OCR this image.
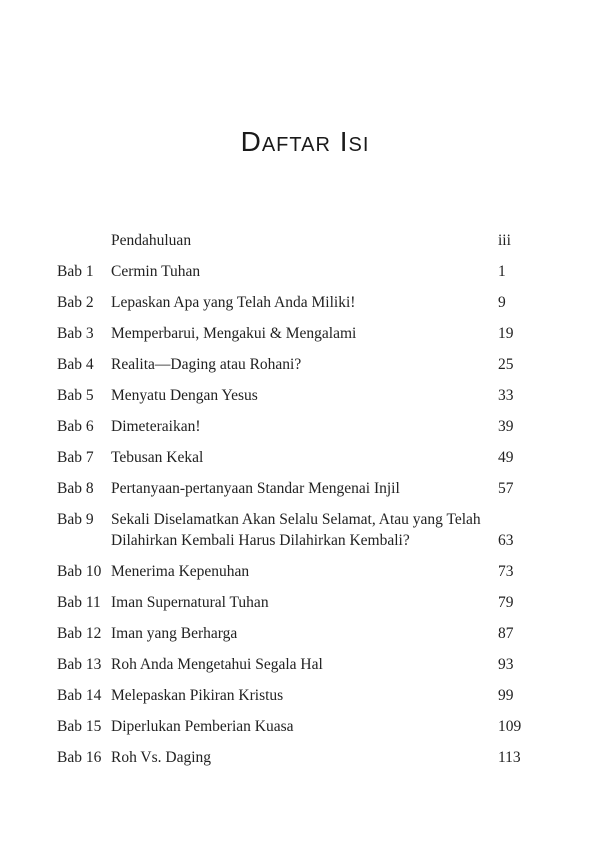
Daftar Isi
Pendahuluan	iii
Bab 1 Cermin Tuhan	1
Bab 2 Lepaskan Apa yang Telah Anda Miliki!	9
Bab 3 Memperbarui, Mengakui & Mengalami	19
Bab 4 Realita—Daging atau Rohani?	25
Bab 5 Menyatu Dengan Yesus	33
Bab 6 Dimeteraikan!	39
Bab 7 Tebusan Kekal	49
Bab 8 Pertanyaan-pertanyaan Standar Mengenai Injil	57
Bab 9 Sekali Diselamatkan Akan Selalu Selamat, Atau yang Telah Dilahirkan Kembali Harus Dilahirkan Kembali?	63
Bab 10 Menerima Kepenuhan	73
Bab 11 Iman Supernatural Tuhan	79
Bab 12 Iman yang Berharga	87
Bab 13 Roh Anda Mengetahui Segala Hal	93
Bab 14 Melepaskan Pikiran Kristus	99
Bab 15 Diperlukan Pemberian Kuasa	109
Bab 16 Roh Vs. Daging	113
